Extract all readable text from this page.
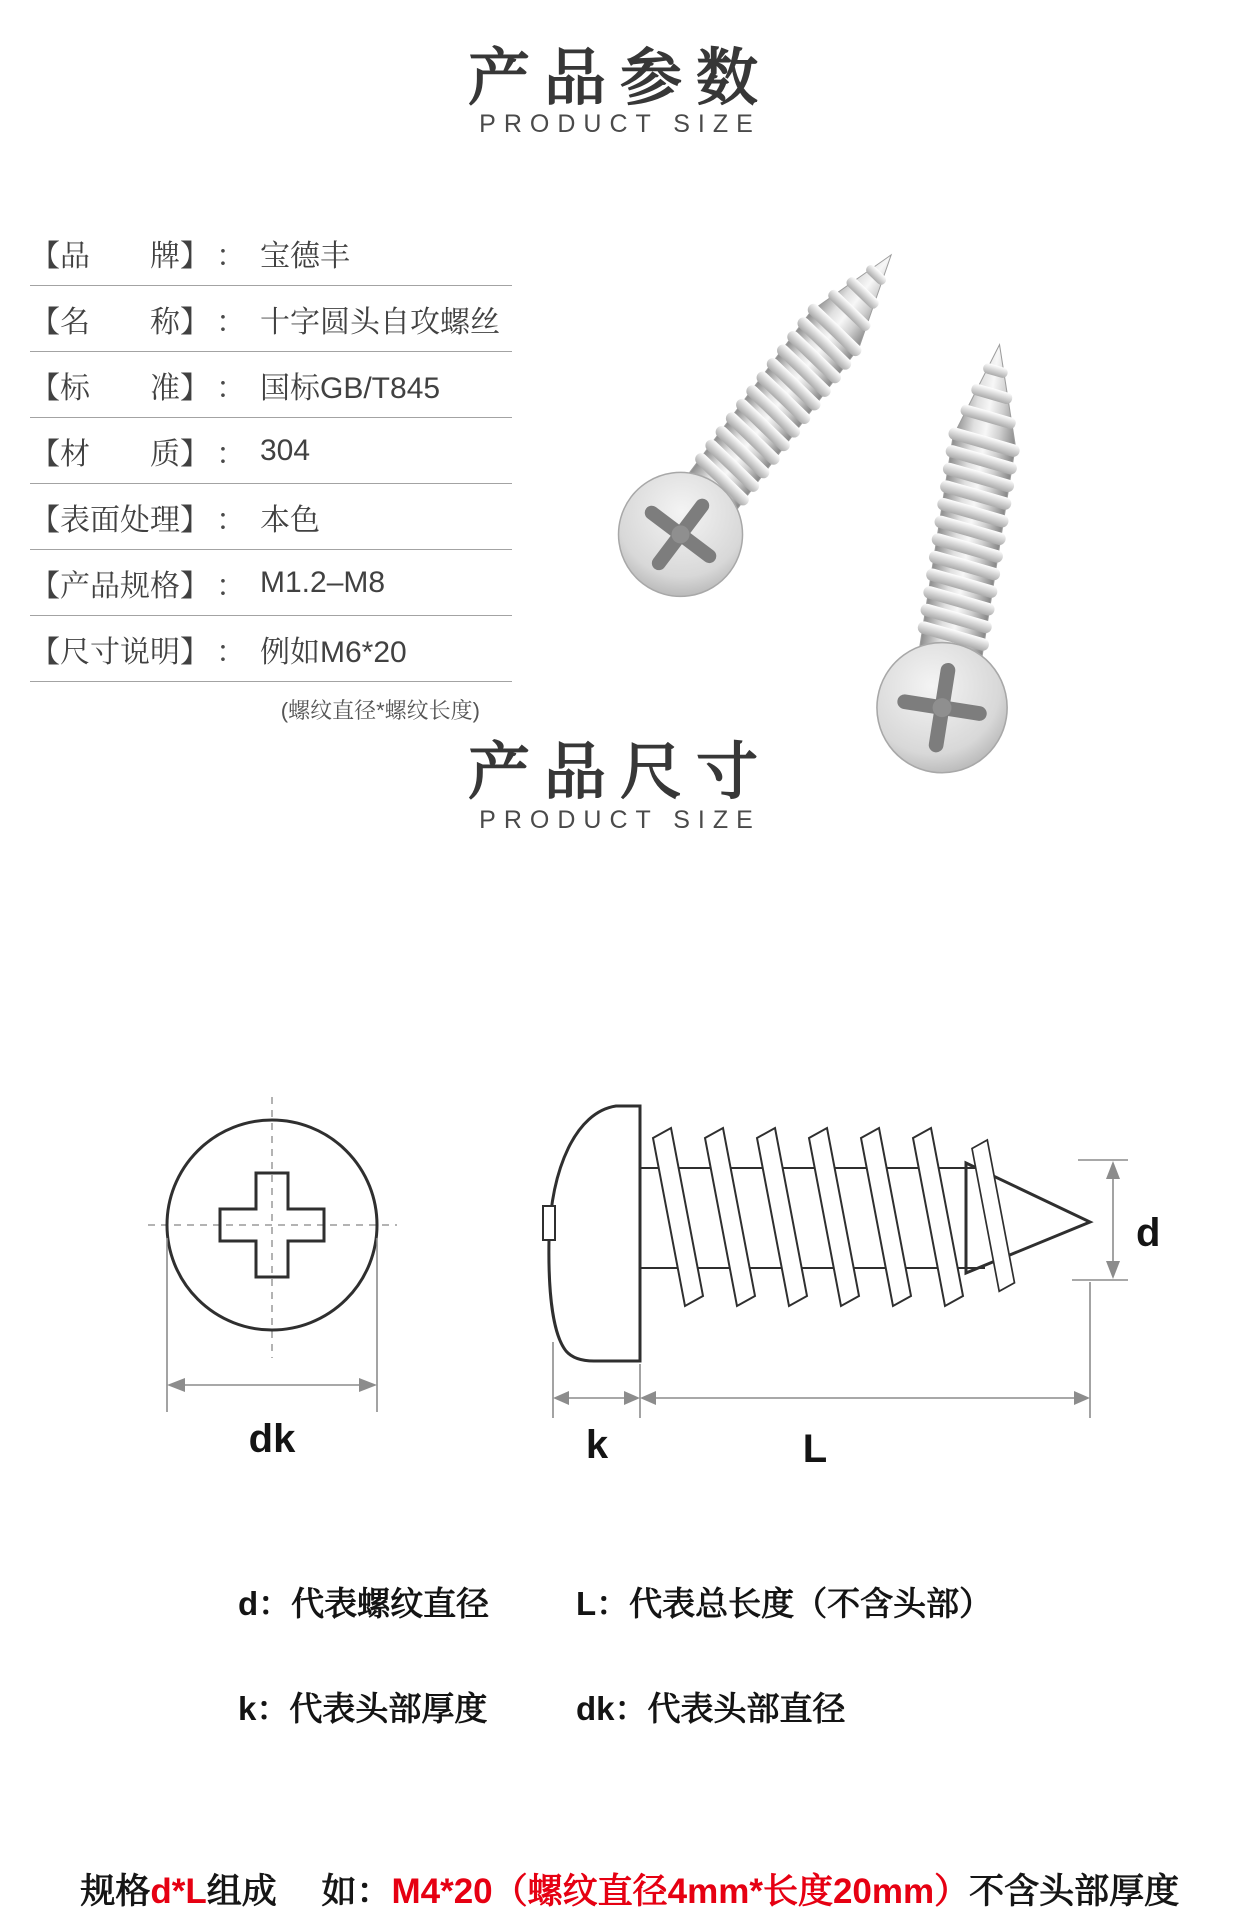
产品参数
PRODUCT SIZE
【品　　牌】 ： 宝德丰
【名　　称】 ： 十字圆头自攻螺丝
【标　　准】 ： 国标GB/T845
【材　　质】 ： 304
【表面处理】 ： 本色
【产品规格】 ： M1.2–M8
【尺寸说明】 ： 例如M6*20
(螺纹直径*螺纹长度)
产品尺寸
PRODUCT SIZE
dk
d
k	L
d：代表螺纹直径	L：代表总长度（不含头部）
k：代表头部厚度	dk：代表头部直径

规格d*L组成　 如：M4*20（螺纹直径4mm*长度20mm）不含头部厚度
